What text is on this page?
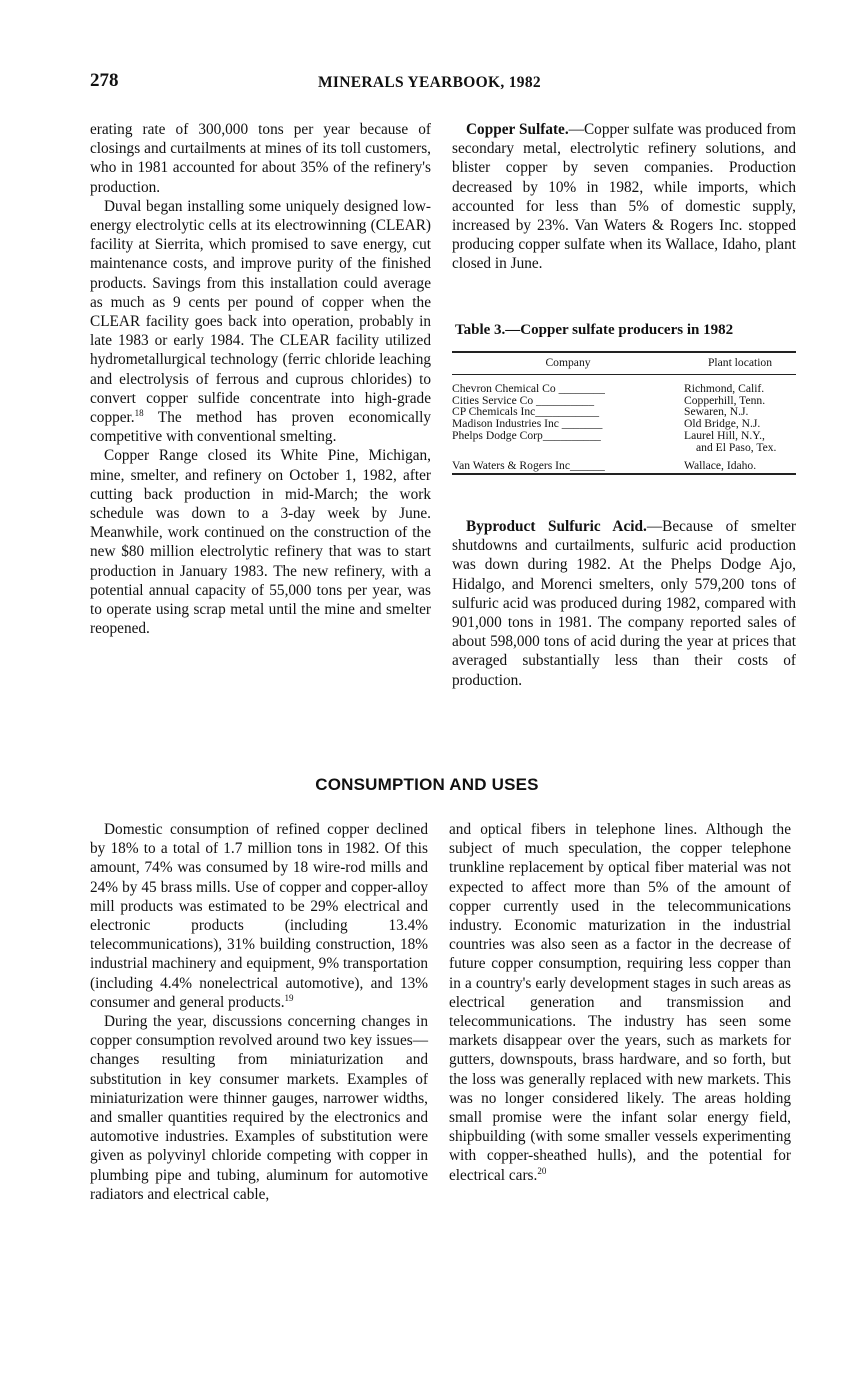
278	MINERALS YEARBOOK, 1982

erating rate of 300,000 tons per year because of closings and curtailments at mines of its toll customers, who in 1981 accounted for about 35% of the refinery's production.

Duval began installing some uniquely designed low-energy electrolytic cells at its electrowinning (CLEAR) facility at Sierrita, which promised to save energy, cut maintenance costs, and improve purity of the finished products. Savings from this installation could average as much as 9 cents per pound of copper when the CLEAR facility goes back into operation, probably in late 1983 or early 1984. The CLEAR facility utilized hydrometallurgical technology (ferric chloride leaching and electrolysis of ferrous and cuprous chlorides) to convert copper sulfide concentrate into high-grade copper.$^{18}$ The method has proven economically competitive with conventional smelting.

Copper Range closed its White Pine, Michigan, mine, smelter, and refinery on October 1, 1982, after cutting back production in mid-March; the work schedule was down to a 3-day week by June. Meanwhile, work continued on the construction of the new $80 million electrolytic refinery that was to start production in January 1983. The new refinery, with a potential annual capacity of 55,000 tons per year, was to operate using scrap metal until the mine and smelter reopened.

Copper Sulfate.—Copper sulfate was produced from secondary metal, electrolytic refinery solutions, and blister copper by seven companies. Production decreased by 10% in 1982, while imports, which accounted for less than 5% of domestic supply, increased by 23%. Van Waters & Rogers Inc. stopped producing copper sulfate when its Wallace, Idaho, plant closed in June.

Table 3.—Copper sulfate producers in 1982
Company	Plant location
Chevron Chemical Co ________	Richmond, Calif.
Cities Service Co __________	Copperhill, Tenn.
CP Chemicals Inc___________	Sewaren, N.J.
Madison Industries Inc _______	Old Bridge, N.J.
Phelps Dodge Corp__________	Laurel Hill, N.Y.,
and El Paso, Tex.

Van Waters & Rogers Inc______	Wallace, Idaho.

Byproduct Sulfuric Acid.—Because of smelter shutdowns and curtailments, sulfuric acid production was down during 1982. At the Phelps Dodge Ajo, Hidalgo, and Morenci smelters, only 579,200 tons of sulfuric acid was produced during 1982, compared with 901,000 tons in 1981. The company reported sales of about 598,000 tons of acid during the year at prices that averaged substantially less than their costs of production.

CONSUMPTION AND USES

Domestic consumption of refined copper declined by 18% to a total of 1.7 million tons in 1982. Of this amount, 74% was consumed by 18 wire-rod mills and 24% by 45 brass mills. Use of copper and copper-alloy mill products was estimated to be 29% electrical and electronic products (including 13.4% telecommunications), 31% building construction, 18% industrial machinery and equipment, 9% transportation (including 4.4% nonelectrical automotive), and 13% consumer and general products.$^{19}$

During the year, discussions concerning changes in copper consumption revolved around two key issues—changes resulting from miniaturization and substitution in key consumer markets. Examples of miniaturization were thinner gauges, narrower widths, and smaller quantities required by the electronics and automotive industries. Examples of substitution were given as polyvinyl chloride competing with copper in plumbing pipe and tubing, aluminum for automotive radiators and electrical cable,

and optical fibers in telephone lines. Although the subject of much speculation, the copper telephone trunkline replacement by optical fiber material was not expected to affect more than 5% of the amount of copper currently used in the telecommunications industry. Economic maturization in the industrial countries was also seen as a factor in the decrease of future copper consumption, requiring less copper than in a country's early development stages in such areas as electrical generation and transmission and telecommunications. The industry has seen some markets disappear over the years, such as markets for gutters, downspouts, brass hardware, and so forth, but the loss was generally replaced with new markets. This was no longer considered likely. The areas holding small promise were the infant solar energy field, shipbuilding (with some smaller vessels experimenting with copper-sheathed hulls), and the potential for electrical cars.$^{20}$
